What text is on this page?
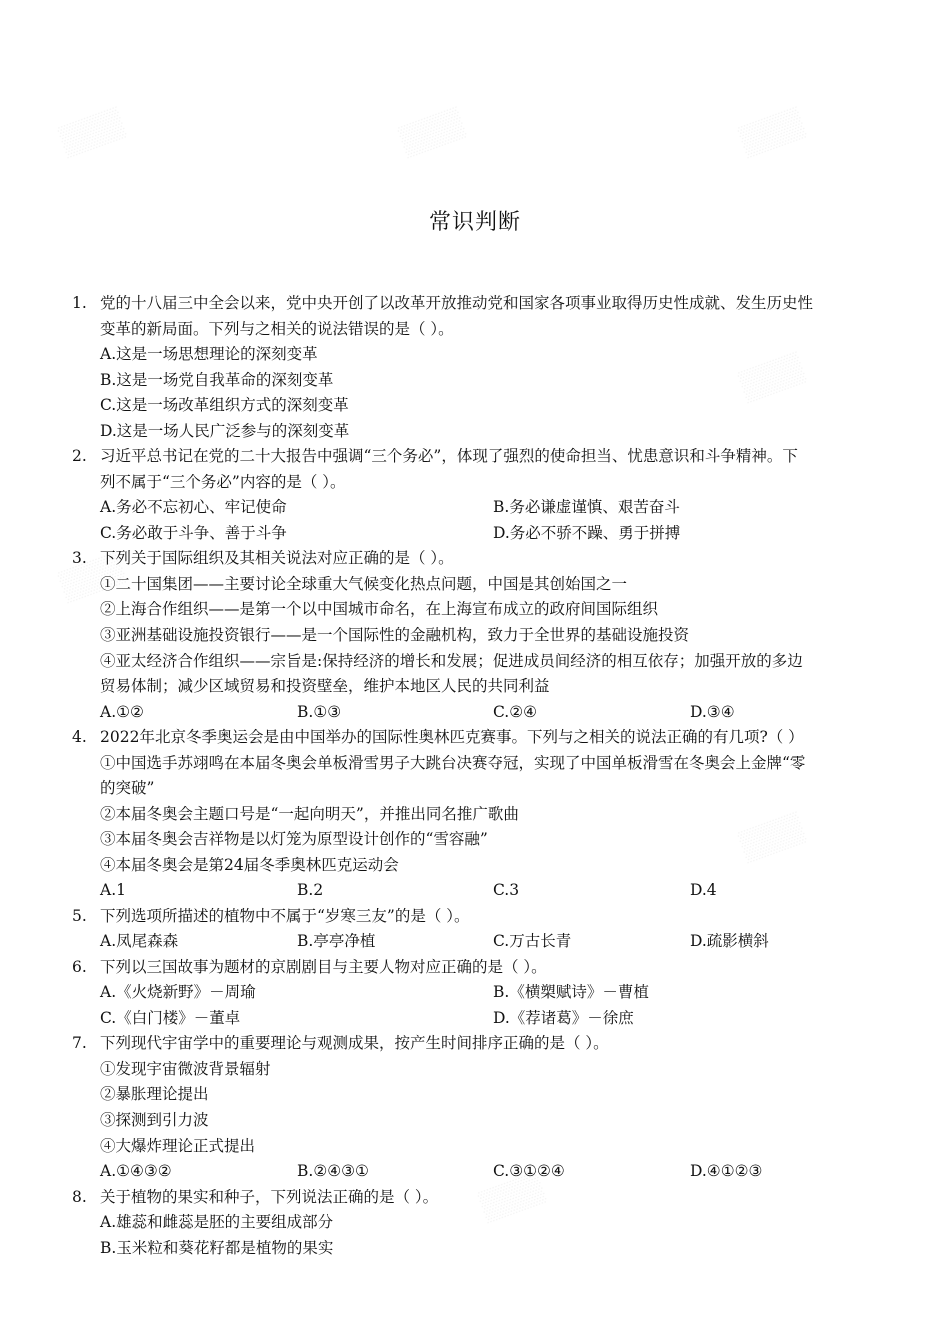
常识判断
1. 党的十八届三中全会以来，党中央开创了以改革开放推动党和国家各项事业取得历史性成就、发生历史性
变革的新局面。下列与之相关的说法错误的是（ ）。
A.这是一场思想理论的深刻变革
B.这是一场党自我革命的深刻变革
C.这是一场改革组织方式的深刻变革
D.这是一场人民广泛参与的深刻变革
2. 习近平总书记在党的二十大报告中强调“三个务必”，体现了强烈的使命担当、忧患意识和斗争精神。下
列不属于“三个务必”内容的是（ ）。
A.务必不忘初心、牢记使命	B.务必谦虚谨慎、艰苦奋斗
C.务必敢于斗争、善于斗争	D.务必不骄不躁、勇于拼搏
3. 下列关于国际组织及其相关说法对应正确的是（ ）。
①二十国集团——主要讨论全球重大气候变化热点问题，中国是其创始国之一
②上海合作组织——是第一个以中国城市命名，在上海宣布成立的政府间国际组织
③亚洲基础设施投资银行——是一个国际性的金融机构，致力于全世界的基础设施投资
④亚太经济合作组织——宗旨是:保持经济的增长和发展；促进成员间经济的相互依存；加强开放的多边
贸易体制；减少区域贸易和投资壁垒，维护本地区人民的共同利益
A.①②	B.①③	C.②④	D.③④
4. 2022年北京冬季奥运会是由中国举办的国际性奥林匹克赛事。下列与之相关的说法正确的有几项?（ ）
①中国选手苏翊鸣在本届冬奥会单板滑雪男子大跳台决赛夺冠，实现了中国单板滑雪在冬奥会上金牌“零
的突破”
②本届冬奥会主题口号是“一起向明天”，并推出同名推广歌曲
③本届冬奥会吉祥物是以灯笼为原型设计创作的“雪容融”
④本届冬奥会是第24届冬季奥林匹克运动会
A.1	B.2	C.3	D.4
5. 下列选项所描述的植物中不属于“岁寒三友”的是（ ）。
A.凤尾森森	B.亭亭净植	C.万古长青	D.疏影横斜
6. 下列以三国故事为题材的京剧剧目与主要人物对应正确的是（ ）。
A.《火烧新野》－周瑜	B.《横槊赋诗》－曹植
C.《白门楼》－董卓	D.《荐诸葛》－徐庶
7. 下列现代宇宙学中的重要理论与观测成果，按产生时间排序正确的是（ ）。
①发现宇宙微波背景辐射
②暴胀理论提出
③探测到引力波
④大爆炸理论正式提出
A.①④③②	B.②④③①	C.③①②④	D.④①②③
8. 关于植物的果实和种子，下列说法正确的是（ ）。
A.雄蕊和雌蕊是胚的主要组成部分
B.玉米粒和葵花籽都是植物的果实
